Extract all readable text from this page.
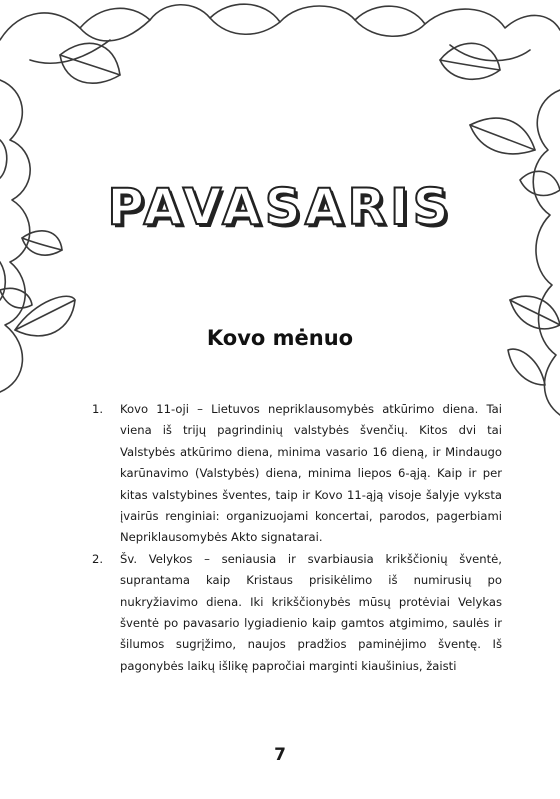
PAVASARIS
Kovo mėnuo
1. Kovo 11-oji – Lietuvos nepriklausomybės atkūrimo diena. Tai viena iš trijų pagrindinių valstybės švenčių. Kitos dvi tai Valstybės atkūrimo diena, minima vasario 16 dieną, ir Mindaugo karūnavimo (Valstybės) diena, minima liepos 6-ąją. Kaip ir per kitas valstybines šventes, taip ir Kovo 11-ąją visoje šalyje vyksta įvairūs renginiai: organizuojami koncertai, parodos, pagerbiami Nepriklausomybės Akto signatarai.
2. Šv. Velykos – seniausia ir svarbiausia krikščionių šventė, suprantama kaip Kristaus prisikėlimo iš numirusių po nukryžiavimo diena. Iki krikščionybės mūsų protėviai Velykas šventė po pavasario lygiadienio kaip gamtos atgimimo, saulės ir šilumos sugrįžimo, naujos pradžios paminėjimo šventę. Iš pagonybės laikų išlikę papročiai marginti kiaušinius, žaisti
7
